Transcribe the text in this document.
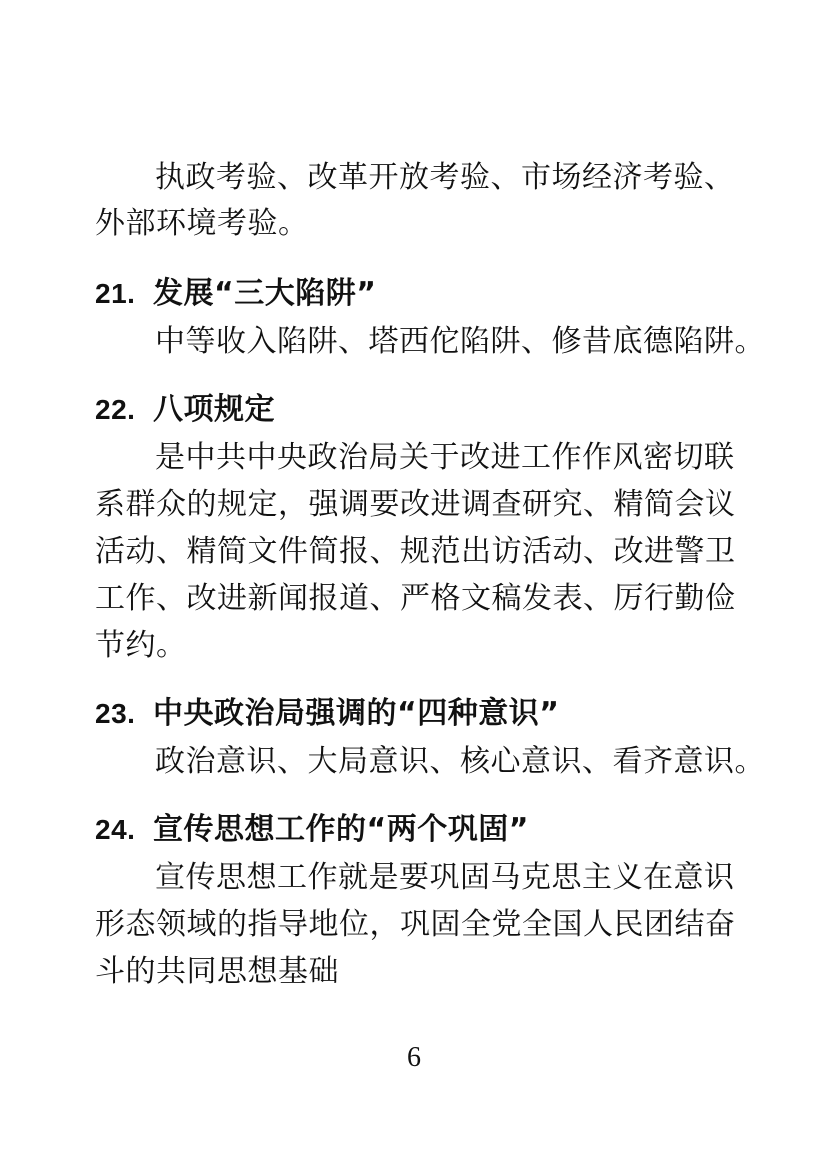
执政考验、改革开放考验、市场经济考验、
外部环境考验。
21. 发展“三大陷阱”
中等收入陷阱、塔西佗陷阱、修昔底德陷阱。
22. 八项规定
是中共中央政治局关于改进工作作风密切联
系群众的规定，强调要改进调查研究、精简会议
活动、精简文件简报、规范出访活动、改进警卫
工作、改进新闻报道、严格文稿发表、厉行勤俭
节约。
23. 中央政治局强调的“四种意识”
政治意识、大局意识、核心意识、看齐意识。
24. 宣传思想工作的“两个巩固”
宣传思想工作就是要巩固马克思主义在意识
形态领域的指导地位，巩固全党全国人民团结奋
斗的共同思想基础
6
